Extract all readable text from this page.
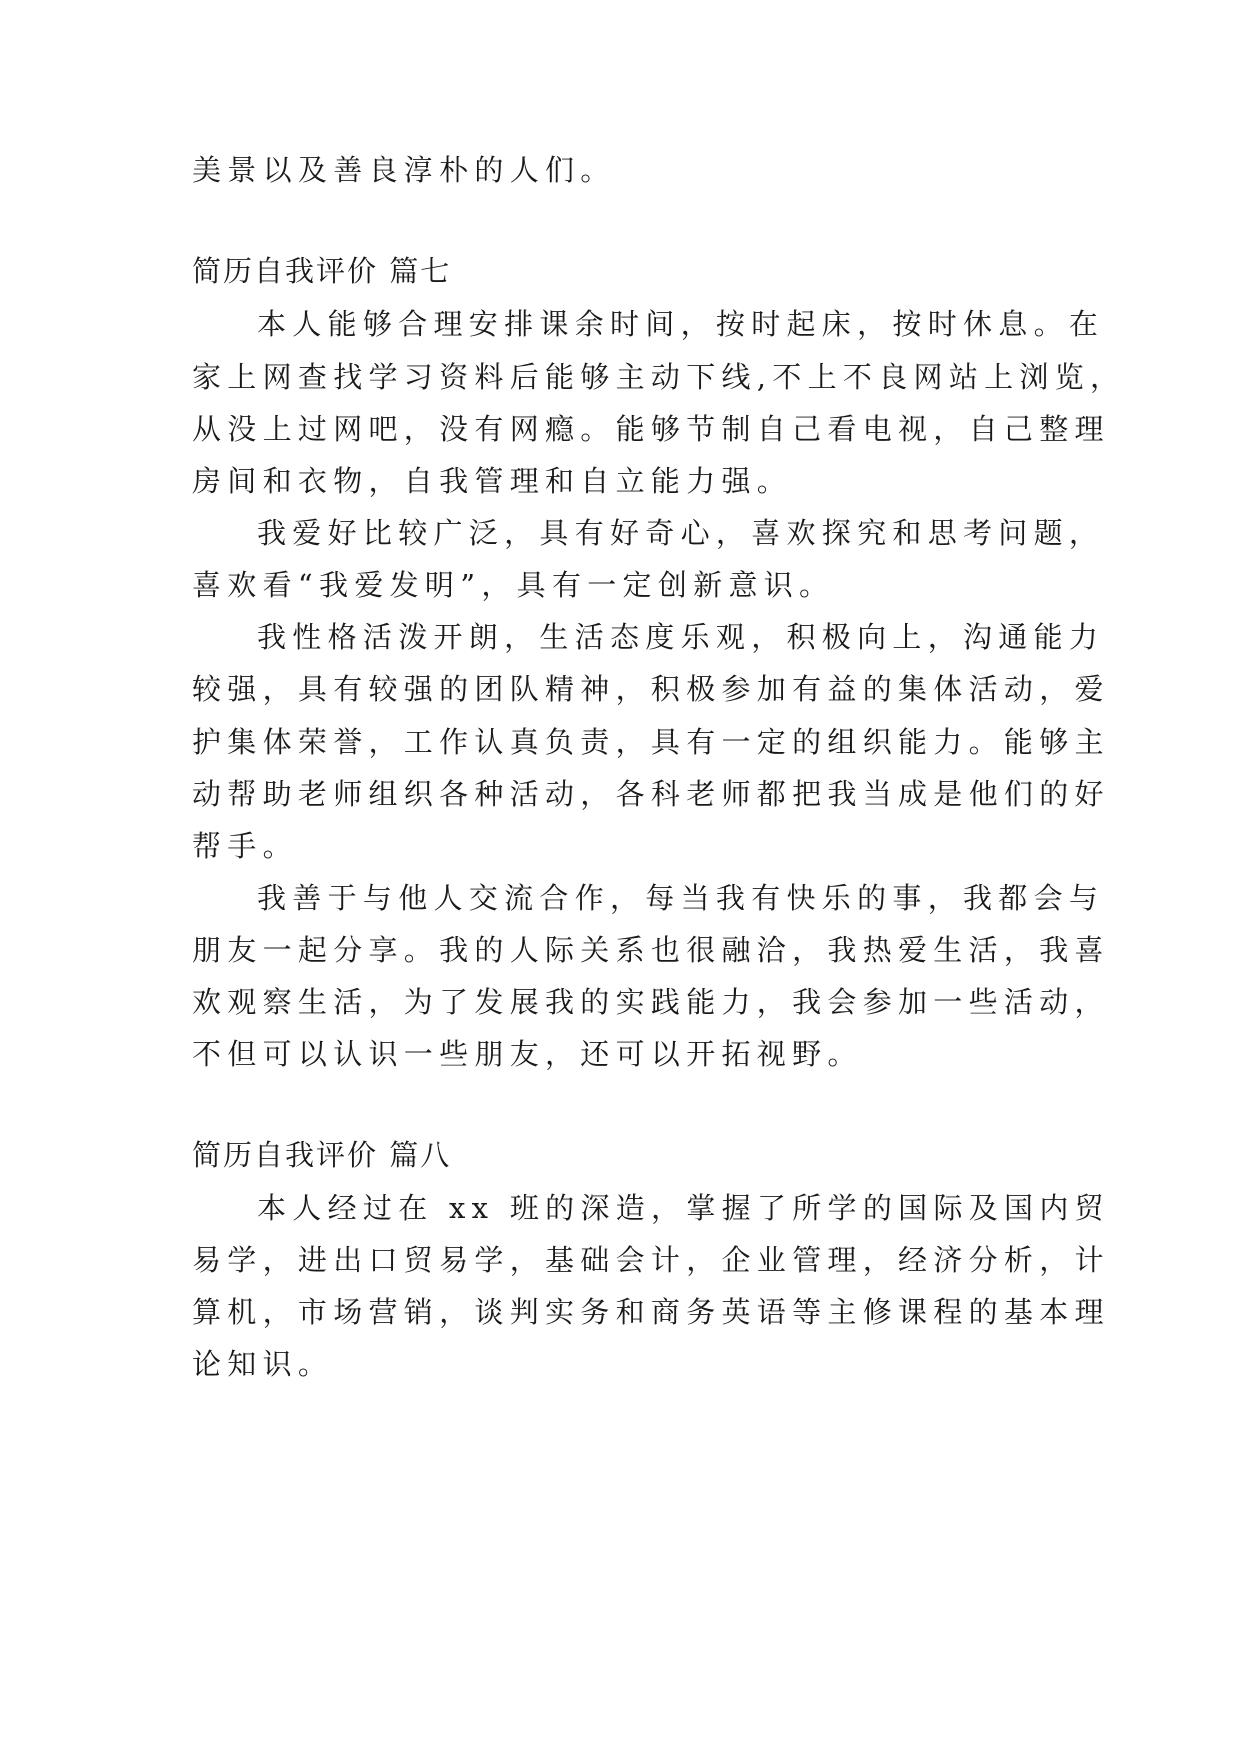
美景以及善良淳朴的人们。
简历自我评价 篇七
本人能够合理安排课余时间，按时起床，按时休息。在
家上网查找学习资料后能够主动下线,不上不良网站上浏览，
从没上过网吧，没有网瘾。能够节制自己看电视，自己整理
房间和衣物，自我管理和自立能力强。
我爱好比较广泛，具有好奇心，喜欢探究和思考问题，
喜欢看“我爱发明”，具有一定创新意识。
我性格活泼开朗，生活态度乐观，积极向上，沟通能力
较强，具有较强的团队精神，积极参加有益的集体活动，爱
护集体荣誉，工作认真负责，具有一定的组织能力。能够主
动帮助老师组织各种活动，各科老师都把我当成是他们的好
帮手。
我善于与他人交流合作，每当我有快乐的事，我都会与
朋友一起分享。我的人际关系也很融洽，我热爱生活，我喜
欢观察生活，为了发展我的实践能力，我会参加一些活动，
不但可以认识一些朋友，还可以开拓视野。
简历自我评价 篇八
本人经过在 xx 班的深造，掌握了所学的国际及国内贸
易学，进出口贸易学，基础会计，企业管理，经济分析，计
算机，市场营销，谈判实务和商务英语等主修课程的基本理
论知识。
